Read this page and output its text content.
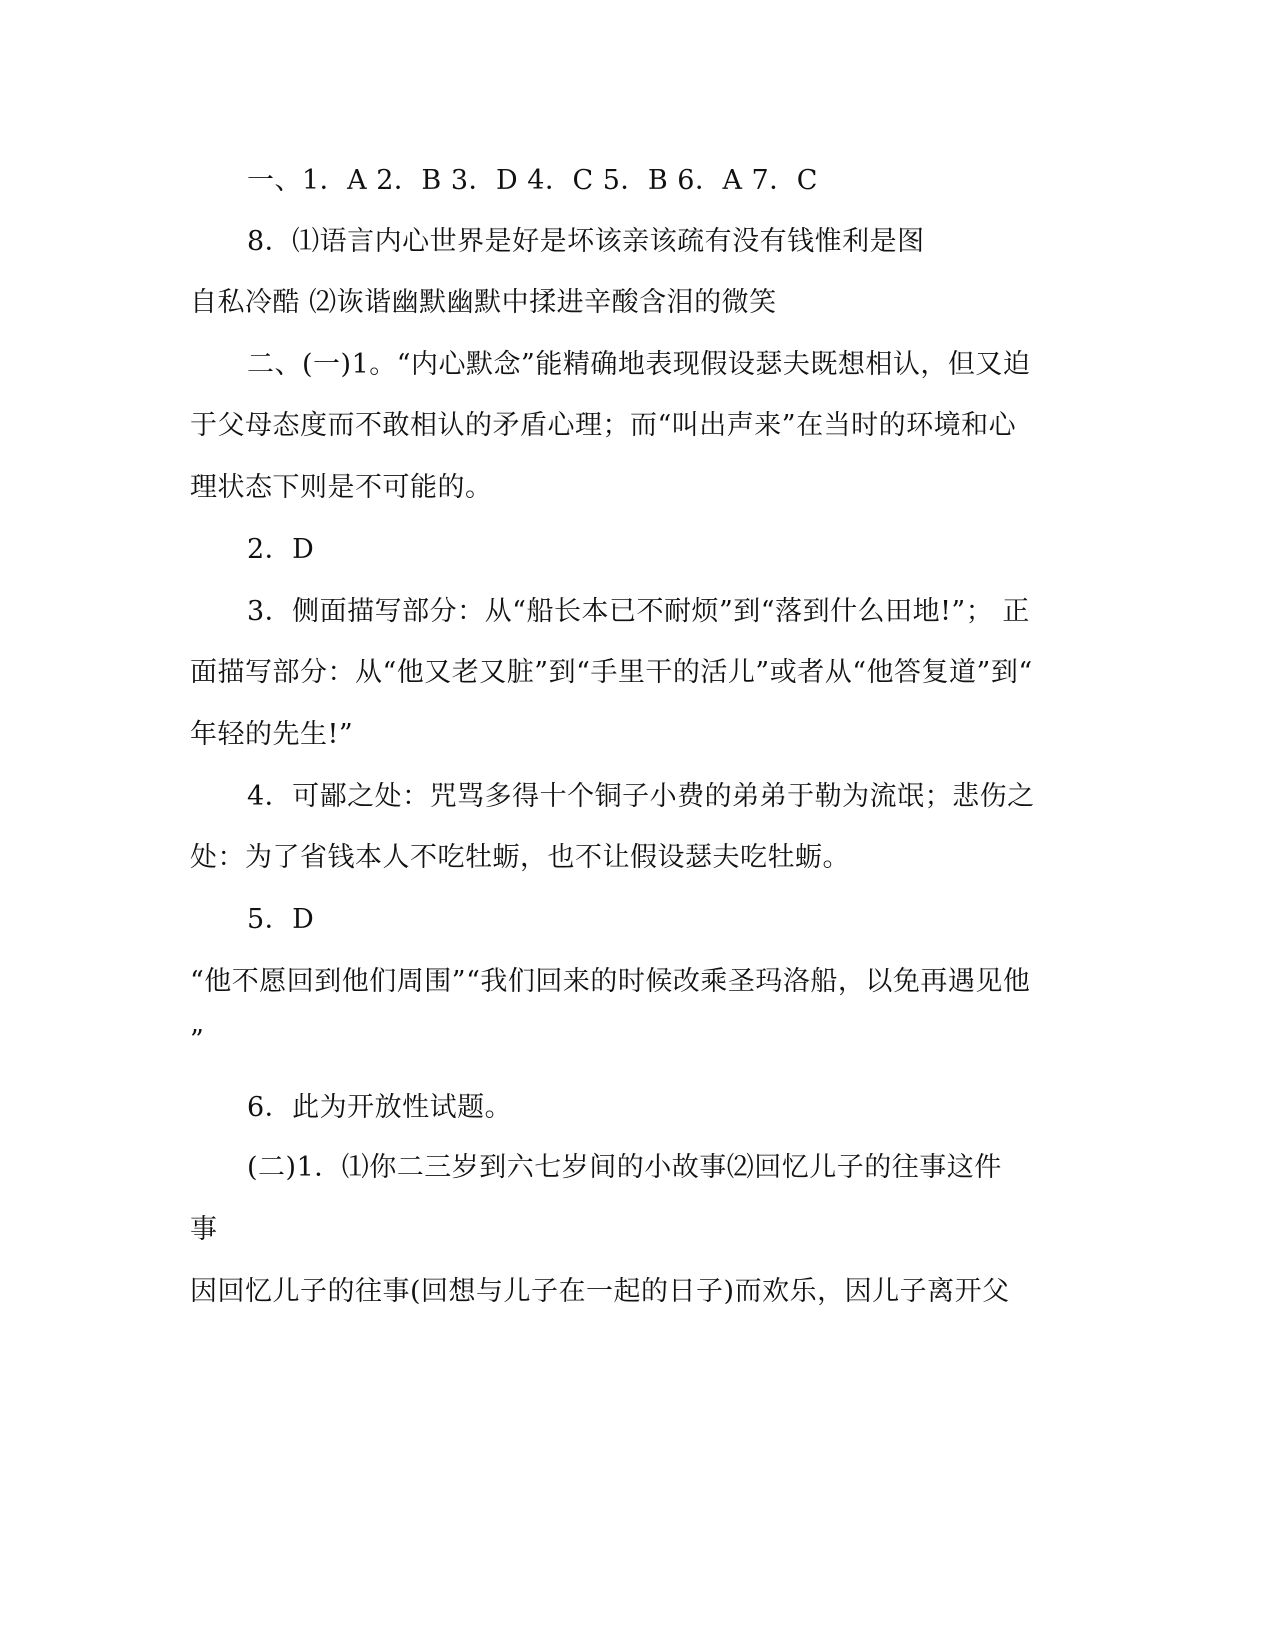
一、1．A 2．B 3．D 4．C 5．B 6．A 7．C
8．⑴语言内心世界是好是坏该亲该疏有没有钱惟利是图
自私冷酷 ⑵诙谐幽默幽默中揉进辛酸含泪的微笑
二、(一)1。“内心默念”能精确地表现假设瑟夫既想相认，但又迫
于父母态度而不敢相认的矛盾心理；而“叫出声来”在当时的环境和心
理状态下则是不可能的。
2．D
3．侧面描写部分：从“船长本已不耐烦”到“落到什么田地!”； 正
面描写部分：从“他又老又脏”到“手里干的活儿”或者从“他答复道”到“
年轻的先生!”
4．可鄙之处：咒骂多得十个铜子小费的弟弟于勒为流氓；悲伤之
处：为了省钱本人不吃牡蛎，也不让假设瑟夫吃牡蛎。
5．D
“他不愿回到他们周围”“我们回来的时候改乘圣玛洛船，以免再遇见他
”
6．此为开放性试题。
(二)1．⑴你二三岁到六七岁间的小故事⑵回忆儿子的往事这件
事
因回忆儿子的往事(回想与儿子在一起的日子)而欢乐，因儿子离开父
